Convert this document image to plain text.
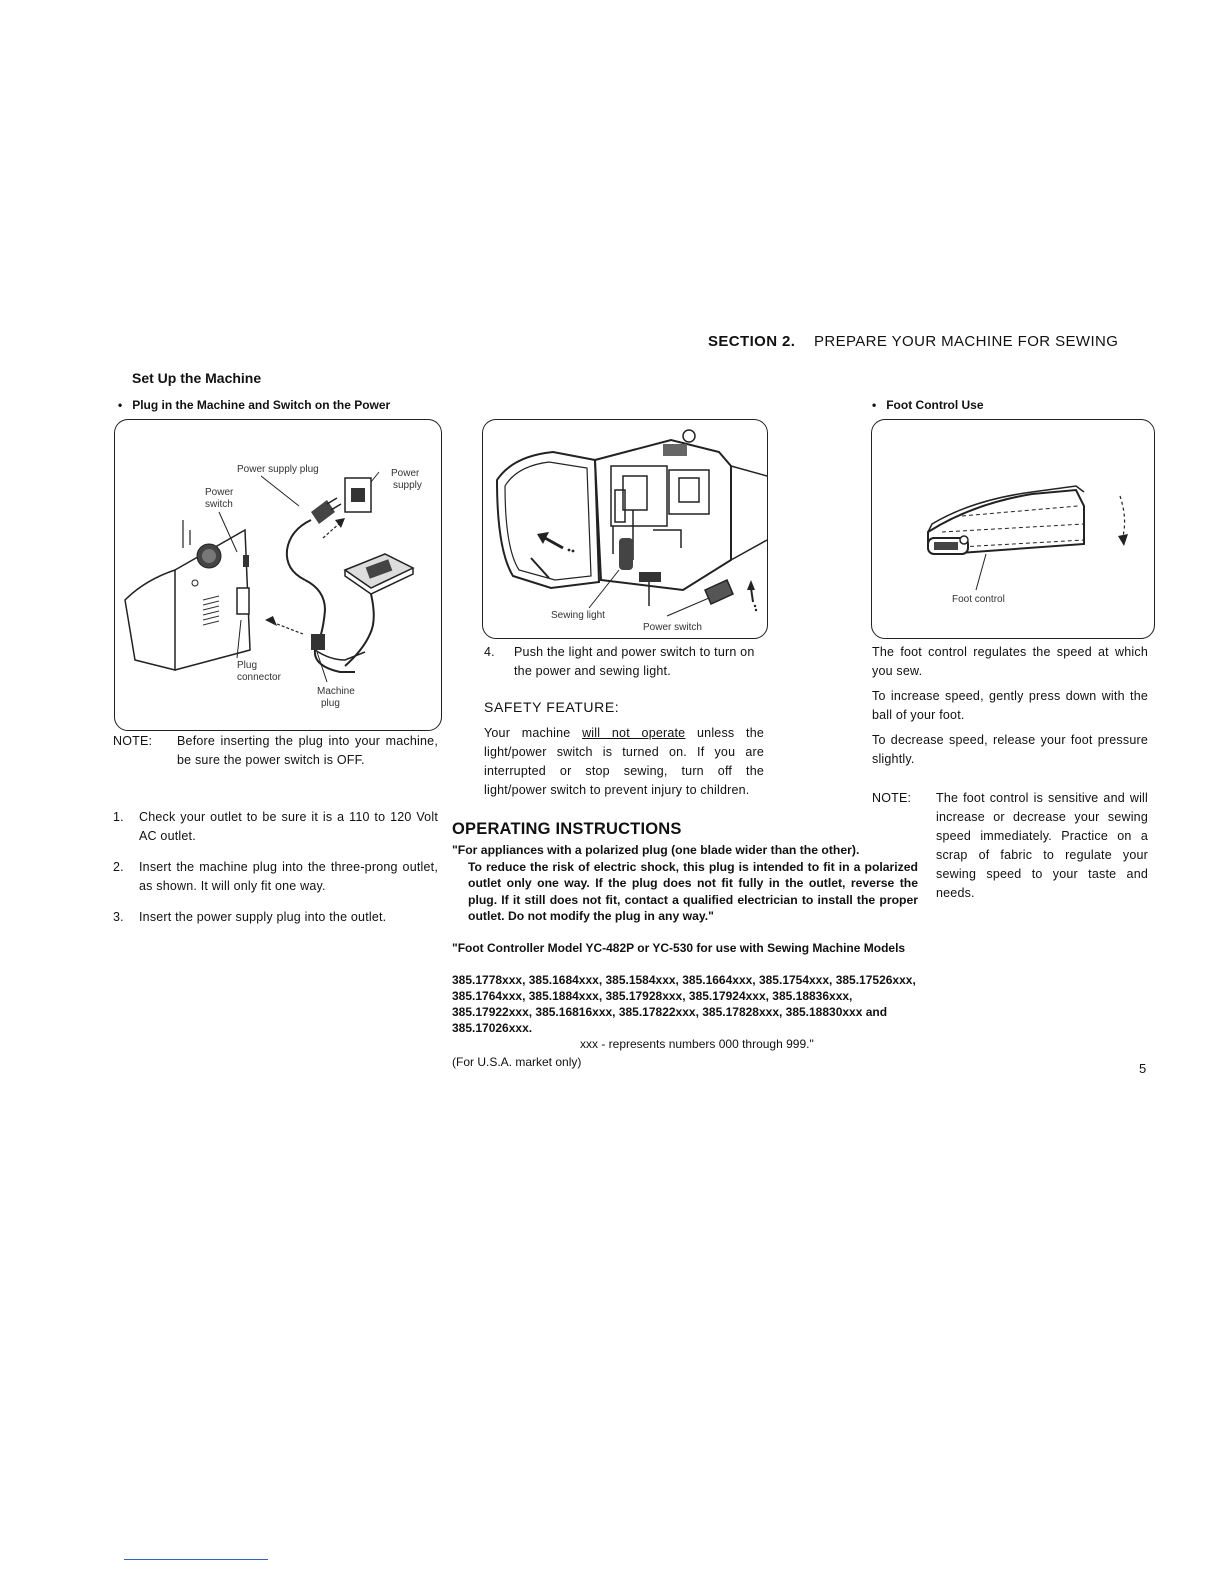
SECTION 2. PREPARE YOUR MACHINE FOR SEWING
Set Up the Machine
• Plug in the Machine and Switch on the Power
Power supply plug	Power
supply
Power
switch
Plug
connector
Machine
plug
NOTE:	Before inserting the plug into your machine, be sure the power switch is OFF.
1.	Check your outlet to be sure it is a 110 to 120 Volt AC outlet.
2.	Insert the machine plug into the three-prong outlet, as shown. It will only fit one way.
3.	Insert the power supply plug into the outlet.
Sewing light
Power switch
4.	Push the light and power switch to turn on the power and sewing light.
SAFETY FEATURE:
Your machine will not operate unless the light/power switch is turned on. If you are interrupted or stop sewing, turn off the light/power switch to prevent injury to children.
• Foot Control Use
Foot control
The foot control regulates the speed at which you sew.
To increase speed, gently press down with the ball of your foot.
To decrease speed, release your foot pressure slightly.
NOTE:	The foot control is sensitive and will increase or decrease your sewing speed immediately. Practice on a scrap of fabric to regulate your sewing speed to your taste and needs.
OPERATING INSTRUCTIONS
"For appliances with a polarized plug (one blade wider than the other).
To reduce the risk of electric shock, this plug is intended to fit in a polarized outlet only one way. If the plug does not fit fully in the outlet, reverse the plug. If it still does not fit, contact a qualified electrician to install the proper outlet. Do not modify the plug in any way."
"Foot Controller Model YC-482P or YC-530 for use with Sewing Machine Models
385.1778xxx, 385.1684xxx, 385.1584xxx, 385.1664xxx, 385.1754xxx, 385.17526xxx,
385.1764xxx, 385.1884xxx, 385.17928xxx, 385.17924xxx, 385.18836xxx,
385.17922xxx, 385.16816xxx, 385.17822xxx, 385.17828xxx, 385.18830xxx and
385.17026xxx.
xxx - represents numbers 000 through 999."
(For U.S.A. market only)	5
